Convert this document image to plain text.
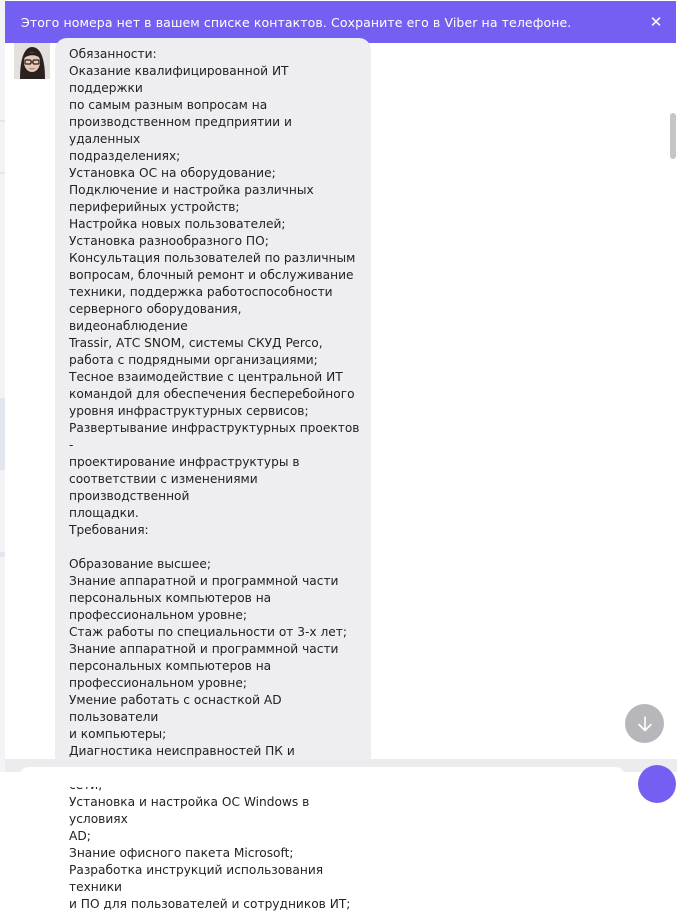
Этого номера нет в вашем списке контактов. Сохраните его в Viber на телефоне.	✕
Обязанности:
Оказание квалифицированной ИТ поддержки
по самым разным вопросам на
производственном предприятии и удаленных
подразделениях;
Установка ОС на оборудование;
Подключение и настройка различных
периферийных устройств;
Настройка новых пользователей;
Установка разнообразного ПО;
Консультация пользователей по различным
вопросам, блочный ремонт и обслуживание
техники, поддержка работоспособности
серверного оборудования, видеонаблюдение
Trassir, АТС SNOM, системы СКУД Perco,
работа с подрядными организациями;
Тесное взаимодействие с центральной ИТ
командой для обеспечения бесперебойного
уровня инфраструктурных сервисов;
Развертывание инфраструктурных проектов -
проектирование инфраструктуры в
соответствии с изменениями производственной
площадки.
Требования:

Образование высшее;
Знание аппаратной и программной части
персональных компьютеров на
профессиональном уровне;
Стаж работы по специальности от 3-х лет;
Знание аппаратной и программной части
персональных компьютеров на
профессиональном уровне;
Умение работать с оснасткой AD пользователи
и компьютеры;
Диагностика неисправностей ПК и

Установка и настройка ОС Windows в условиях
AD;
Знание офисного пакета Microsoft;
Разработка инструкций использования техники
и ПО для пользователей и сотрудников ИТ;
